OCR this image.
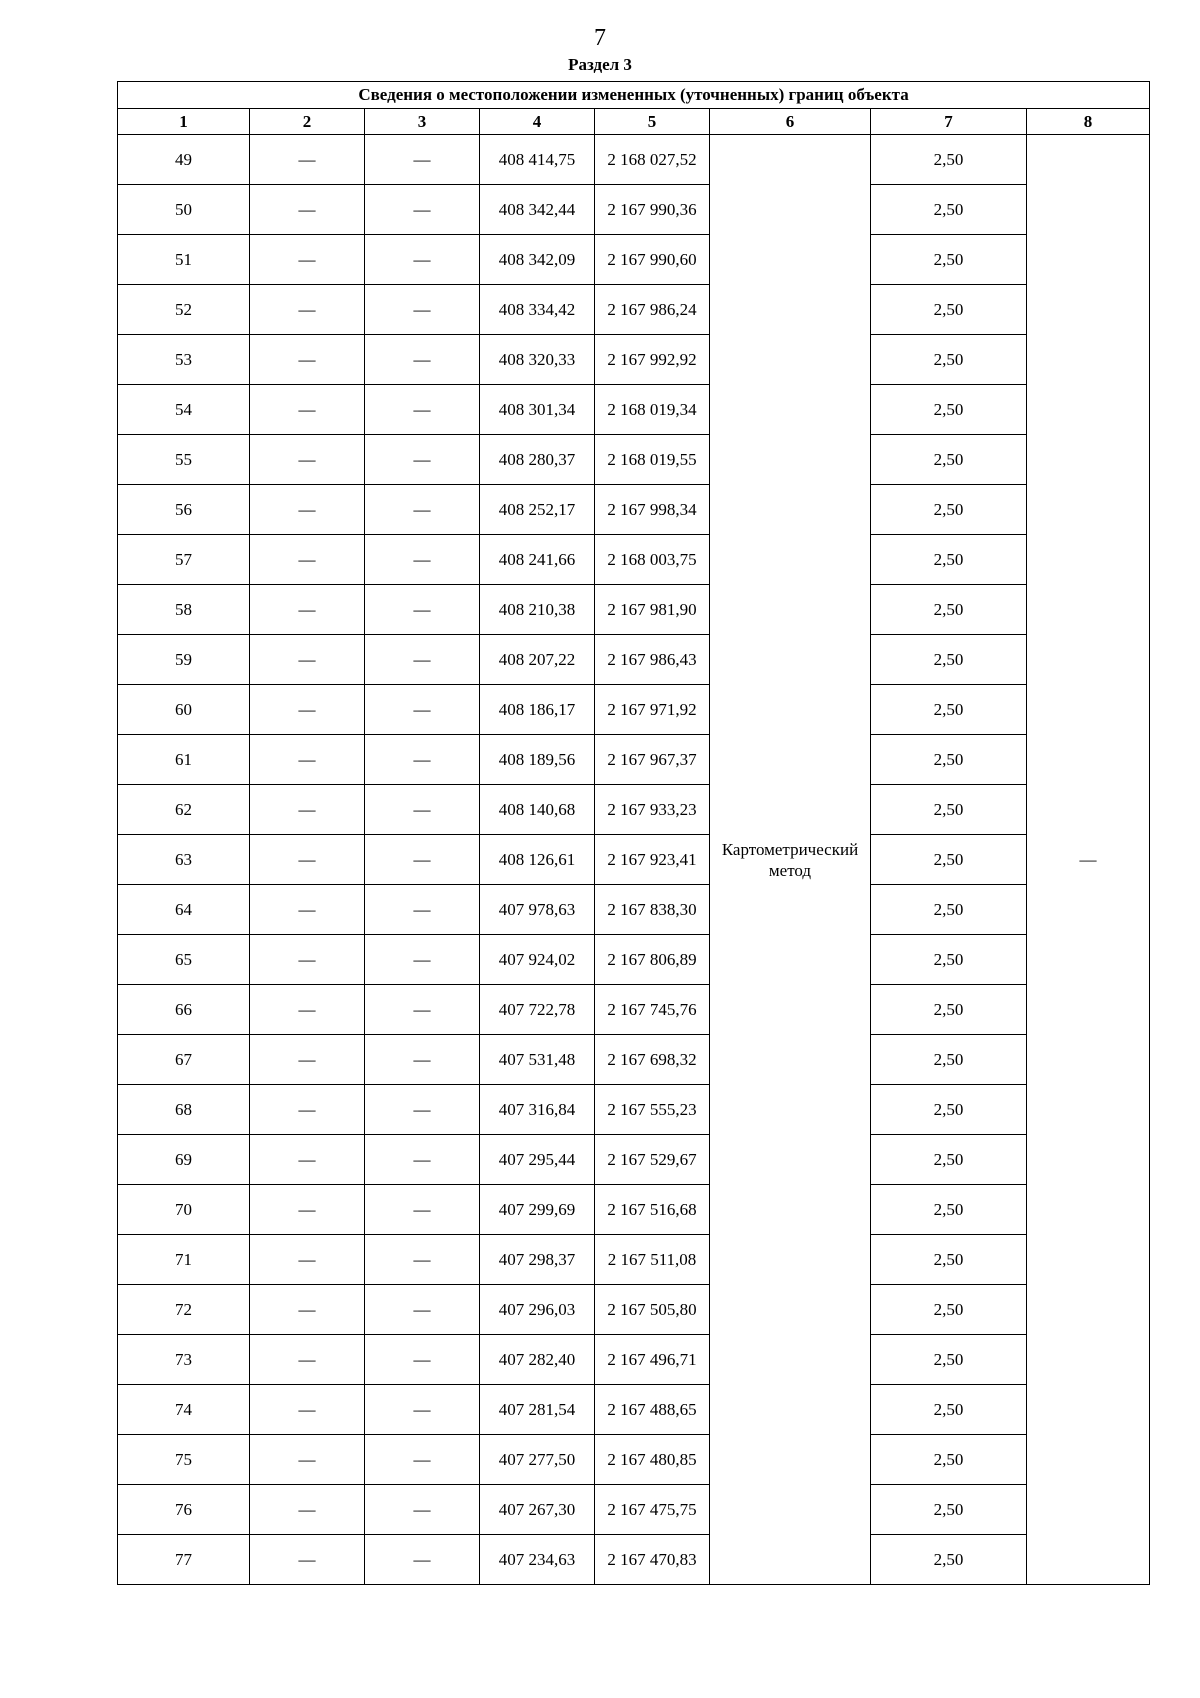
7
Раздел 3
Сведения о местоположении измененных (уточненных) границ объекта							
1	2	3	4	5	6	7	8
49	—	—	408 414,75	2 168 027,52	Картометрический метод	2,50	—
50	—	—	408 342,44	2 167 990,36		2,50	
51	—	—	408 342,09	2 167 990,60		2,50	
52	—	—	408 334,42	2 167 986,24		2,50	
53	—	—	408 320,33	2 167 992,92		2,50	
54	—	—	408 301,34	2 168 019,34		2,50	
55	—	—	408 280,37	2 168 019,55		2,50	
56	—	—	408 252,17	2 167 998,34		2,50	
57	—	—	408 241,66	2 168 003,75		2,50	
58	—	—	408 210,38	2 167 981,90		2,50	
59	—	—	408 207,22	2 167 986,43		2,50	
60	—	—	408 186,17	2 167 971,92		2,50	
61	—	—	408 189,56	2 167 967,37		2,50	
62	—	—	408 140,68	2 167 933,23		2,50	
63	—	—	408 126,61	2 167 923,41		2,50	
64	—	—	407 978,63	2 167 838,30		2,50	
65	—	—	407 924,02	2 167 806,89		2,50	
66	—	—	407 722,78	2 167 745,76		2,50	
67	—	—	407 531,48	2 167 698,32		2,50	
68	—	—	407 316,84	2 167 555,23		2,50	
69	—	—	407 295,44	2 167 529,67		2,50	
70	—	—	407 299,69	2 167 516,68		2,50	
71	—	—	407 298,37	2 167 511,08		2,50	
72	—	—	407 296,03	2 167 505,80		2,50	
73	—	—	407 282,40	2 167 496,71		2,50	
74	—	—	407 281,54	2 167 488,65		2,50	
75	—	—	407 277,50	2 167 480,85		2,50	
76	—	—	407 267,30	2 167 475,75		2,50	
77	—	—	407 234,63	2 167 470,83		2,50	
